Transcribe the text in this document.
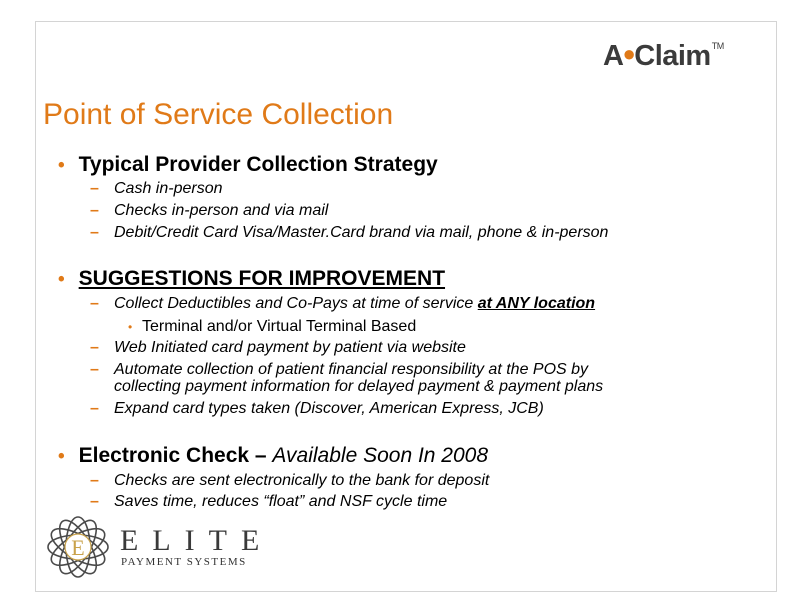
A●Claim™
Point of Service Collection
• Typical Provider Collection Strategy
– Cash in-person
– Checks in-person and via mail
– Debit/Credit Card Visa/Master.Card brand via mail, phone & in-person
• SUGGESTIONS FOR IMPROVEMENT
– Collect Deductibles and Co-Pays at time of service at ANY location
• Terminal and/or Virtual Terminal Based
– Web Initiated card payment by patient via website
– Automate collection of patient financial responsibility at the POS by
collecting payment information for delayed payment & payment plans
– Expand card types taken (Discover, American Express, JCB)
• Electronic Check – Available Soon In 2008
– Checks are sent electronically to the bank for deposit
– Saves time, reduces “float” and NSF cycle time
E ELITE
PAYMENT SYSTEMS
